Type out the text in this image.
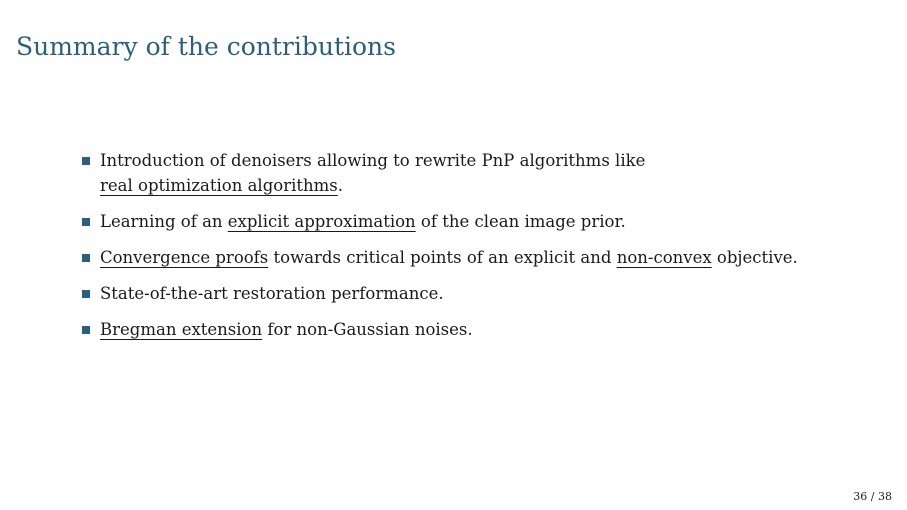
Summary of the contributions
Introduction of denoisers allowing to rewrite PnP algorithms like
real optimization algorithms.
Learning of an explicit approximation of the clean image prior.
Convergence proofs towards critical points of an explicit and non-convex objective.
State-of-the-art restoration performance.
Bregman extension for non-Gaussian noises.
36 / 38
